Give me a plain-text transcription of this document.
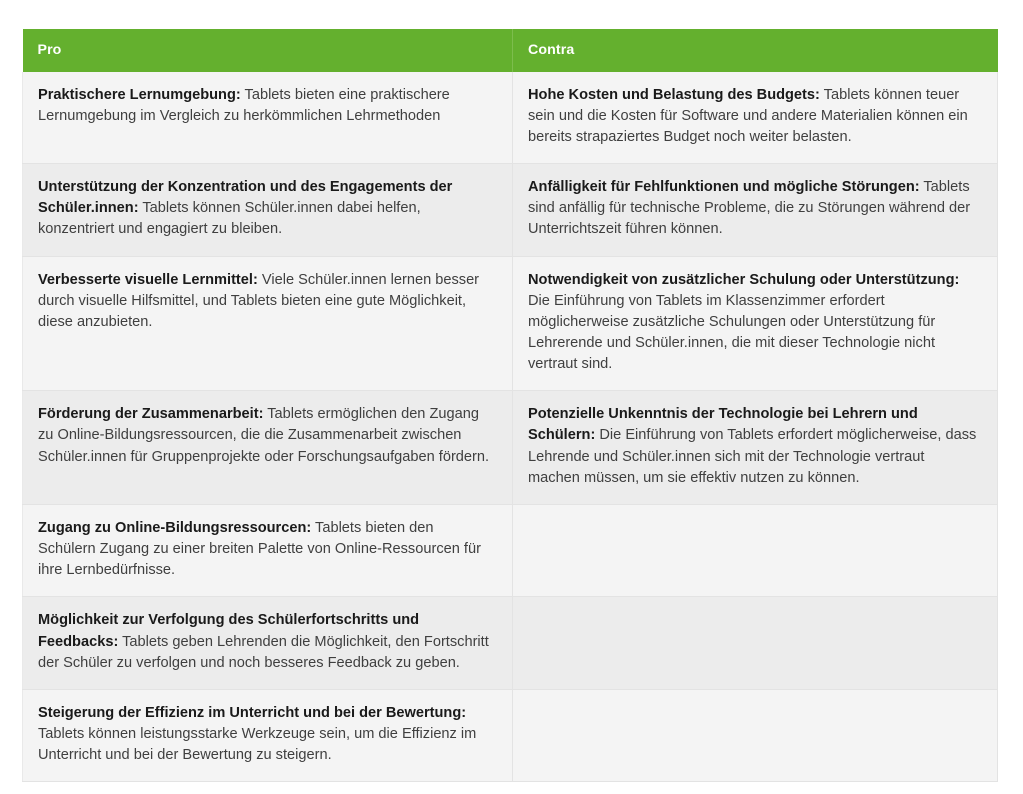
Pro	Contra
Praktischere Lernumgebung: Tablets bieten eine praktischere Lernumgebung im Vergleich zu herkömmlichen Lehrmethoden	Hohe Kosten und Belastung des Budgets: Tablets können teuer sein und die Kosten für Software und andere Materialien können ein bereits strapaziertes Budget noch weiter belasten.
Unterstützung der Konzentration und des Engagements der Schüler.innen: Tablets können Schüler.innen dabei helfen, konzentriert und engagiert zu bleiben.	Anfälligkeit für Fehlfunktionen und mögliche Störungen: Tablets sind anfällig für technische Probleme, die zu Störungen während der Unterrichtszeit führen können.
Verbesserte visuelle Lernmittel: Viele Schüler.innen lernen besser durch visuelle Hilfsmittel, und Tablets bieten eine gute Möglichkeit, diese anzubieten.	Notwendigkeit von zusätzlicher Schulung oder Unterstützung: Die Einführung von Tablets im Klassenzimmer erfordert möglicherweise zusätzliche Schulungen oder Unterstützung für Lehrerende und Schüler.innen, die mit dieser Technologie nicht vertraut sind.
Förderung der Zusammenarbeit: Tablets ermöglichen den Zugang zu Online-Bildungsressourcen, die die Zusammenarbeit zwischen Schüler.innen für Gruppenprojekte oder Forschungsaufgaben fördern.	Potenzielle Unkenntnis der Technologie bei Lehrern und Schülern: Die Einführung von Tablets erfordert möglicherweise, dass Lehrende und Schüler.innen sich mit der Technologie vertraut machen müssen, um sie effektiv nutzen zu können.
Zugang zu Online-Bildungsressourcen: Tablets bieten den Schülern Zugang zu einer breiten Palette von Online-Ressourcen für ihre Lernbedürfnisse.	
Möglichkeit zur Verfolgung des Schülerfortschritts und Feedbacks: Tablets geben Lehrenden die Möglichkeit, den Fortschritt der Schüler zu verfolgen und noch besseres Feedback zu geben.	
Steigerung der Effizienz im Unterricht und bei der Bewertung: Tablets können leistungsstarke Werkzeuge sein, um die Effizienz im Unterricht und bei der Bewertung zu steigern.	
